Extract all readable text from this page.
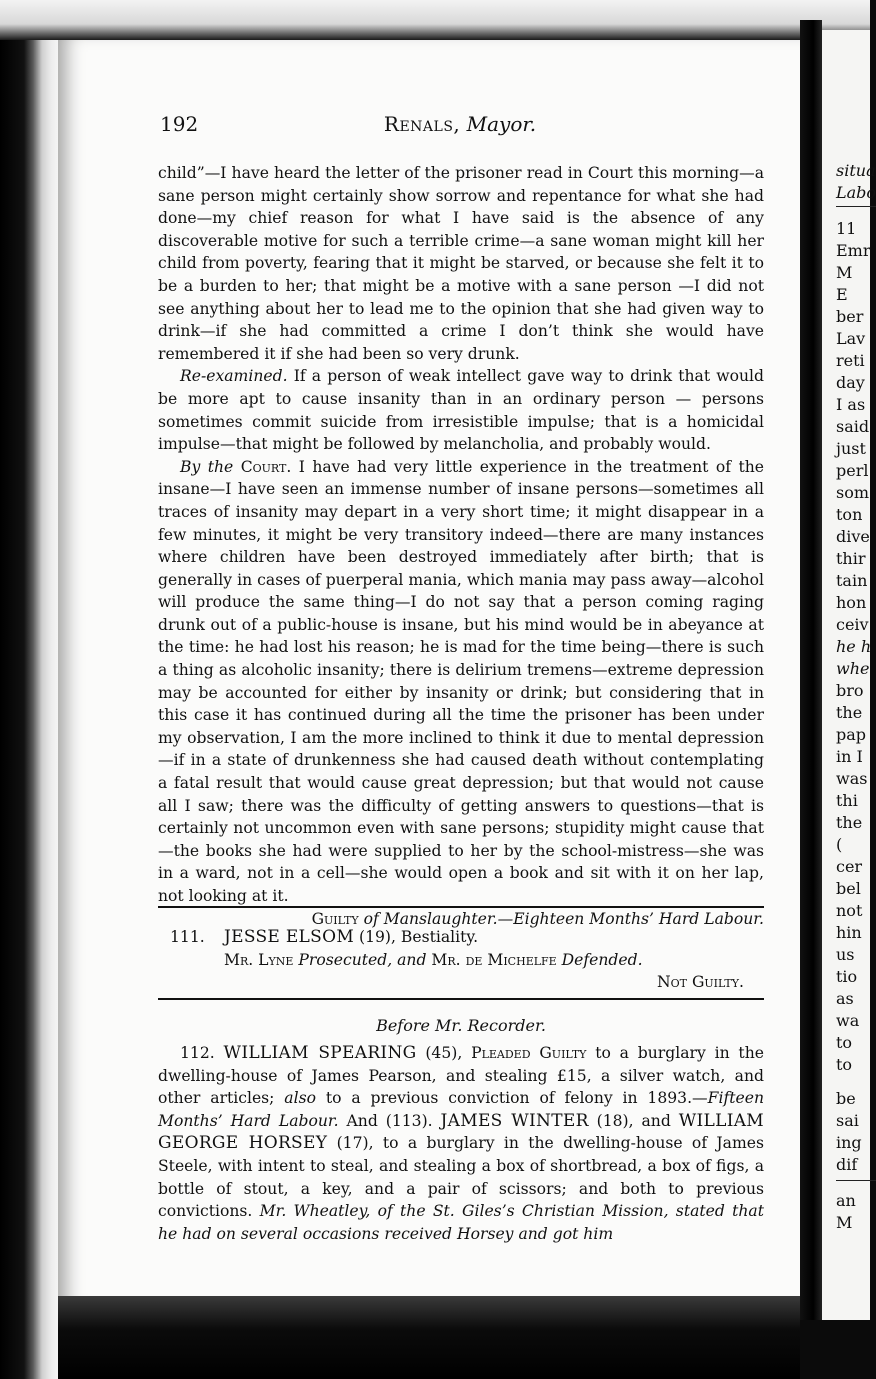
situa
Labo
11
Emr
M
E
ber
Lav
reti
day
I as
said
just
perl
som
ton
dive
thir
tain
hon
ceiv
he h
whe
bro
the
pap
in I
was
thi
the
(
cer
bel
not
hin
us
tio
as
wa
to
to
be
sai
ing
dif
an
M
192	Renals, Mayor.

child”—I have heard the letter of the prisoner read in Court this morning—a sane person might certainly show sorrow and repentance for what she had done—my chief reason for what I have said is the absence of any discoverable motive for such a terrible crime—a sane woman might kill her child from poverty, fearing that it might be starved, or because she felt it to be a burden to her; that might be a motive with a sane person —I did not see anything about her to lead me to the opinion that she had given way to drink—if she had committed a crime I don’t think she would have remembered it if she had been so very drunk.

Re-examined. If a person of weak intellect gave way to drink that would be more apt to cause insanity than in an ordinary person — persons sometimes commit suicide from irresistible impulse; that is a homicidal impulse—that might be followed by melancholia, and probably would.

By the Court. I have had very little experience in the treatment of the insane—I have seen an immense number of insane persons—sometimes all traces of insanity may depart in a very short time; it might disappear in a few minutes, it might be very transitory indeed—there are many instances where children have been destroyed immediately after birth; that is generally in cases of puerperal mania, which mania may pass away—alcohol will produce the same thing—I do not say that a person coming raging drunk out of a public-house is insane, but his mind would be in abeyance at the time: he had lost his reason; he is mad for the time being—there is such a thing as alcoholic insanity; there is delirium tremens—extreme depression may be accounted for either by insanity or drink; but considering that in this case it has continued during all the time the prisoner has been under my observation, I am the more inclined to think it due to mental depression—if in a state of drunkenness she had caused death without contemplating a fatal result that would cause great depression; but that would not cause all I saw; there was the difficulty of getting answers to questions—that is certainly not uncommon even with sane persons; stupidity might cause that—the books she had were supplied to her by the school-mistress—she was in a ward, not in a cell—she would open a book and sit with it on her lap, not looking at it.

Guilty of Manslaughter.—Eighteen Months’ Hard Labour.

111. JESSE ELSOM (19), Bestiality.
Mr. Lyne Prosecuted, and Mr. de Michelfe Defended.
Not Guilty.
Before Mr. Recorder.

112. WILLIAM SPEARING (45), Pleaded Guilty to a burglary in the dwelling-house of James Pearson, and stealing £15, a silver watch, and other articles; also to a previous conviction of felony in 1893.—Fifteen Months’ Hard Labour. And (113). JAMES WINTER (18), and WILLIAM GEORGE HORSEY (17), to a burglary in the dwelling-house of James Steele, with intent to steal, and stealing a box of shortbread, a box of figs, a bottle of stout, a key, and a pair of scissors; and both to previous convictions. Mr. Wheatley, of the St. Giles’s Christian Mission, stated that he had on several occasions received Horsey and got him
